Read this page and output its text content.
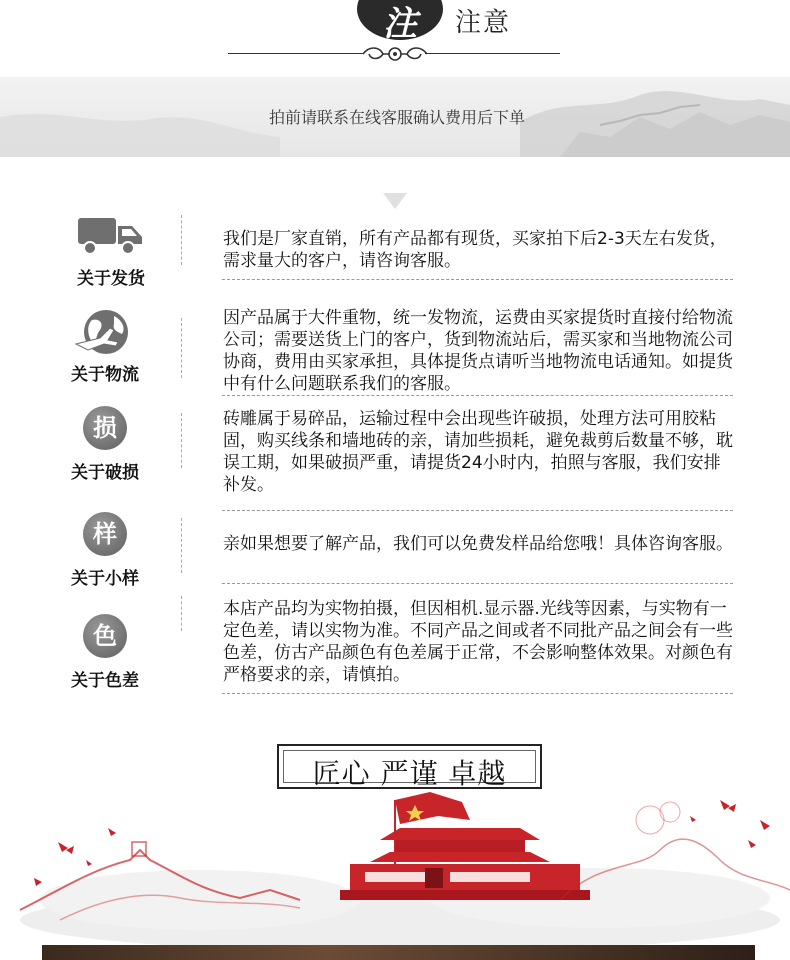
注	注意
拍前请联系在线客服确认费用后下单
关于发货
我们是厂家直销，所有产品都有现货，买家拍下后2-3天左右发货，需求量大的客户，请咨询客服。
关于物流
因产品属于大件重物，统一发物流，运费由买家提货时直接付给物流公司；需要送货上门的客户，货到物流站后，需买家和当地物流公司协商，费用由买家承担，具体提货点请听当地物流电话通知。如提货中有什么问题联系我们的客服。
损
关于破损
砖雕属于易碎品，运输过程中会出现些许破损，处理方法可用胶粘固，购买线条和墙地砖的亲，请加些损耗，避免裁剪后数量不够，耽误工期，如果破损严重，请提货24小时内，拍照与客服，我们安排补发。
样
关于小样
亲如果想要了解产品，我们可以免费发样品给您哦！具体咨询客服。
色
关于色差
本店产品均为实物拍摄，但因相机.显示器.光线等因素，与实物有一定色差，请以实物为准。不同产品之间或者不同批产品之间会有一些色差，仿古产品颜色有色差属于正常，不会影响整体效果。对颜色有严格要求的亲，请慎拍。
匠心 严谨 卓越
